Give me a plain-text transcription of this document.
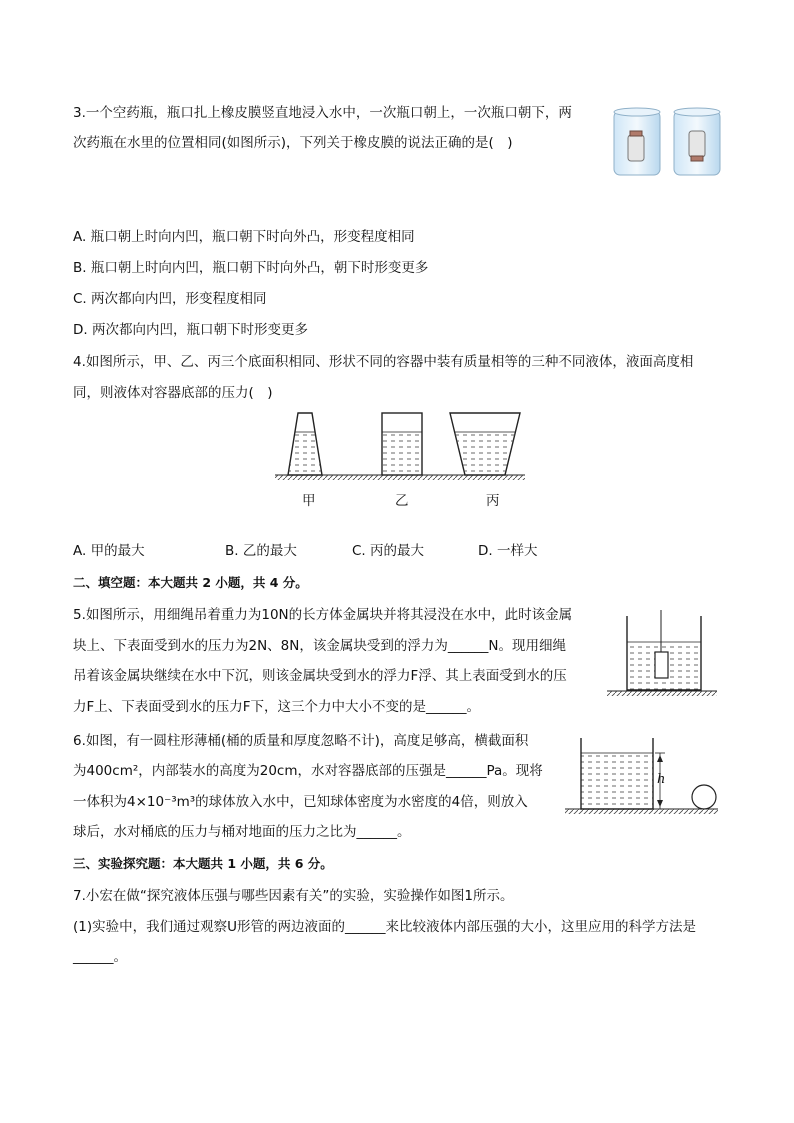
3.一个空药瓶，瓶口扎上橡皮膜竖直地浸入水中，一次瓶口朝上，一次瓶口朝下，两
次药瓶在水里的位置相同(如图所示)，下列关于橡皮膜的说法正确的是(　)
A. 瓶口朝上时向内凹，瓶口朝下时向外凸，形变程度相同
B. 瓶口朝上时向内凹，瓶口朝下时向外凸，朝下时形变更多
C. 两次都向内凹，形变程度相同
D. 两次都向内凹，瓶口朝下时形变更多
4.如图所示，甲、乙、丙三个底面积相同、形状不同的容器中装有质量相等的三种不同液体，液面高度相
同，则液体对容器底部的压力(　)
甲	乙	丙
A. 甲的最大	B. 乙的最大	C. 丙的最大	D. 一样大
二、填空题：本大题共 2 小题，共 4 分。
5.如图所示，用细绳吊着重力为10N的长方体金属块并将其浸没在水中，此时该金属
块上、下表面受到水的压力为2N、8N，该金属块受到的浮力为______N。现用细绳
吊着该金属块继续在水中下沉，则该金属块受到水的浮力F浮、其上表面受到水的压
力F上、下表面受到水的压力F下，这三个力中大小不变的是______。
6.如图，有一圆柱形薄桶(桶的质量和厚度忽略不计)，高度足够高，横截面积
为400cm²，内部装水的高度为20cm，水对容器底部的压强是______Pa。现将
一体积为4×10⁻³m³的球体放入水中，已知球体密度为水密度的4倍，则放入
球后，水对桶底的压力与桶对地面的压力之比为______。
h
三、实验探究题：本大题共 1 小题，共 6 分。
7.小宏在做“探究液体压强与哪些因素有关”的实验，实验操作如图1所示。
(1)实验中，我们通过观察U形管的两边液面的______来比较液体内部压强的大小，这里应用的科学方法是
______。
